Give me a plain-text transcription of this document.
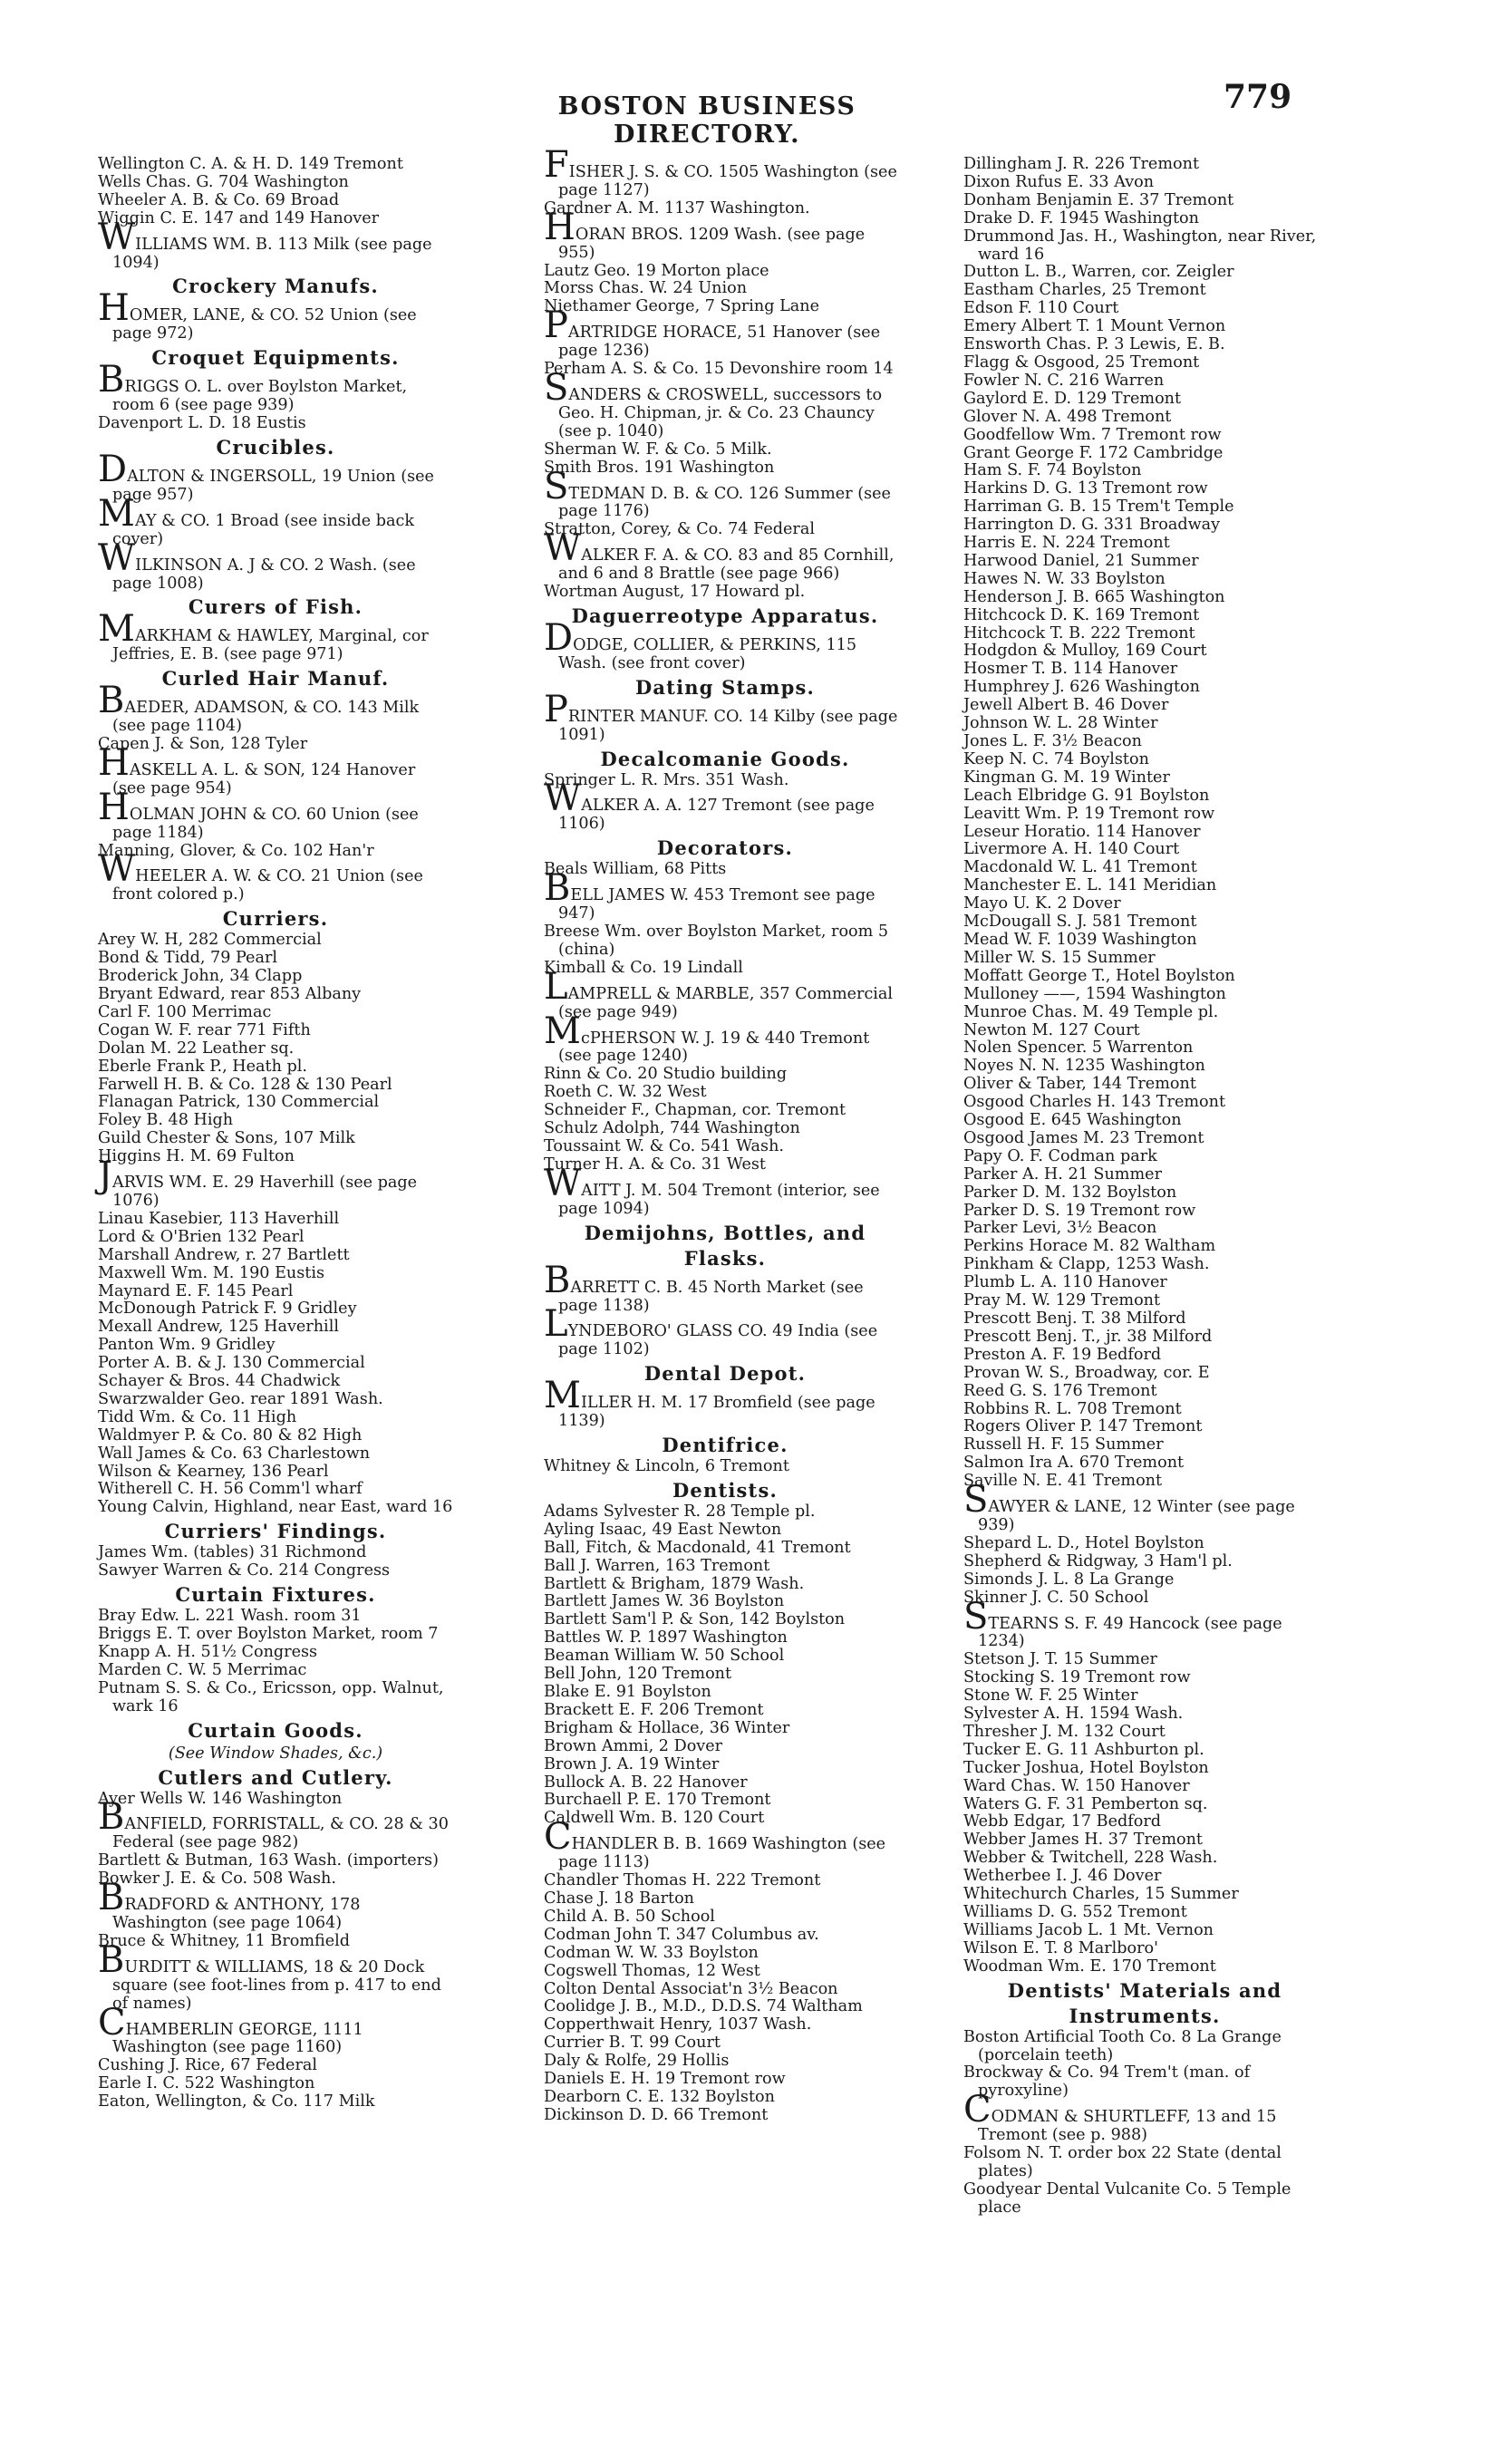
BOSTON BUSINESS DIRECTORY.
779
Wellington C. A. & H. D. 149 Tremont
Wells Chas. G. 704 Washington
Wheeler A. B. & Co. 69 Broad
Wiggin C. E. 147 and 149 Hanover
WILLIAMS WM. B. 113 Milk (see page 1094)
Crockery Manufs.
HOMER, LANE, & CO. 52 Union (see page 972)
Croquet Equipments.
BRIGGS O. L. over Boylston Market, room 6 (see page 939)
Davenport L. D. 18 Eustis
Crucibles.
DALTON & INGERSOLL, 19 Union (see page 957)
MAY & CO. 1 Broad (see inside back cover)
WILKINSON A. J & CO. 2 Wash. (see page 1008)
Curers of Fish.
MARKHAM & HAWLEY, Marginal, cor Jeffries, E. B. (see page 971)
Curled Hair Manuf.
BAEDER, ADAMSON, & CO. 143 Milk (see page 1104)
Capen J. & Son, 128 Tyler
HASKELL A. L. & SON, 124 Hanover (see page 954)
HOLMAN JOHN & CO. 60 Union (see page 1184)
Manning, Glover, & Co. 102 Han'r
WHEELER A. W. & CO. 21 Union (see front colored p.)
Curriers.
Arey W. H, 282 Commercial
Bond & Tidd, 79 Pearl
Broderick John, 34 Clapp
Bryant Edward, rear 853 Albany
Carl F. 100 Merrimac
Cogan W. F. rear 771 Fifth
Dolan M. 22 Leather sq.
Eberle Frank P., Heath pl.
Farwell H. B. & Co. 128 & 130 Pearl
Flanagan Patrick, 130 Commercial
Foley B. 48 High
Guild Chester & Sons, 107 Milk
Higgins H. M. 69 Fulton
JARVIS WM. E. 29 Haverhill (see page 1076)
Linau Kasebier, 113 Haverhill
Lord & O'Brien 132 Pearl
Marshall Andrew, r. 27 Bartlett
Maxwell Wm. M. 190 Eustis
Maynard E. F. 145 Pearl
McDonough Patrick F. 9 Gridley
Mexall Andrew, 125 Haverhill
Panton Wm. 9 Gridley
Porter A. B. & J. 130 Commercial
Schayer & Bros. 44 Chadwick
Swarzwalder Geo. rear 1891 Wash.
Tidd Wm. & Co. 11 High
Waldmyer P. & Co. 80 & 82 High
Wall James & Co. 63 Charlestown
Wilson & Kearney, 136 Pearl
Witherell C. H. 56 Comm'l wharf
Young Calvin, Highland, near East, ward 16
Curriers' Findings.
James Wm. (tables) 31 Richmond
Sawyer Warren & Co. 214 Congress
Curtain Fixtures.
Bray Edw. L. 221 Wash. room 31
Briggs E. T. over Boylston Market, room 7
Knapp A. H. 51½ Congress
Marden C. W. 5 Merrimac
Putnam S. S. & Co., Ericsson, opp. Walnut, wark 16
Curtain Goods.
(See Window Shades, &c.)
Cutlers and Cutlery.
Ayer Wells W. 146 Washington
BANFIELD, FORRISTALL, & CO. 28 & 30 Federal (see page 982)
Bartlett & Butman, 163 Wash. (importers)
Bowker J. E. & Co. 508 Wash.
BRADFORD & ANTHONY, 178 Washington (see page 1064)
Bruce & Whitney, 11 Bromfield
BURDITT & WILLIAMS, 18 & 20 Dock square (see foot-lines from p. 417 to end of names)
CHAMBERLIN GEORGE, 1111 Washington (see page 1160)
Cushing J. Rice, 67 Federal
Earle I. C. 522 Washington
Eaton, Wellington, & Co. 117 Milk
FISHER J. S. & CO. 1505 Washington (see page 1127)
Gardner A. M. 1137 Washington.
HORAN BROS. 1209 Wash. (see page 955)
Lautz Geo. 19 Morton place
Morss Chas. W. 24 Union
Niethamer George, 7 Spring Lane
PARTRIDGE HORACE, 51 Hanover (see page 1236)
Perham A. S. & Co. 15 Devonshire room 14
SANDERS & CROSWELL, successors to Geo. H. Chipman, jr. & Co. 23 Chauncy (see p. 1040)
Sherman W. F. & Co. 5 Milk.
Smith Bros. 191 Washington
STEDMAN D. B. & CO. 126 Summer (see page 1176)
Stratton, Corey, & Co. 74 Federal
WALKER F. A. & CO. 83 and 85 Cornhill, and 6 and 8 Brattle (see page 966)
Wortman August, 17 Howard pl.
Daguerreotype Apparatus.
DODGE, COLLIER, & PERKINS, 115 Wash. (see front cover)
Dating Stamps.
PRINTER MANUF. CO. 14 Kilby (see page 1091)
Decalcomanie Goods.
Springer L. R. Mrs. 351 Wash.
WALKER A. A. 127 Tremont (see page 1106)
Decorators.
Beals William, 68 Pitts
BELL JAMES W. 453 Tremont see page 947)
Breese Wm. over Boylston Market, room 5 (china)
Kimball & Co. 19 Lindall
LAMPRELL & MARBLE, 357 Commercial (see page 949)
McPHERSON W. J. 19 & 440 Tremont (see page 1240)
Rinn & Co. 20 Studio building
Roeth C. W. 32 West
Schneider F., Chapman, cor. Tremont
Schulz Adolph, 744 Washington
Toussaint W. & Co. 541 Wash.
Turner H. A. & Co. 31 West
WAITT J. M. 504 Tremont (interior, see page 1094)
Demijohns, Bottles, and Flasks.
BARRETT C. B. 45 North Market (see page 1138)
LYNDEBORO' GLASS CO. 49 India (see page 1102)
Dental Depot.
MILLER H. M. 17 Bromfield (see page 1139)
Dentifrice.
Whitney & Lincoln, 6 Tremont
Dentists.
Adams Sylvester R. 28 Temple pl.
Ayling Isaac, 49 East Newton
Ball, Fitch, & Macdonald, 41 Tremont
Ball J. Warren, 163 Tremont
Bartlett & Brigham, 1879 Wash.
Bartlett James W. 36 Boylston
Bartlett Sam'l P. & Son, 142 Boylston
Battles W. P. 1897 Washington
Beaman William W. 50 School
Bell John, 120 Tremont
Blake E. 91 Boylston
Brackett E. F. 206 Tremont
Brigham & Hollace, 36 Winter
Brown Ammi, 2 Dover
Brown J. A. 19 Winter
Bullock A. B. 22 Hanover
Burchaell P. E. 170 Tremont
Caldwell Wm. B. 120 Court
CHANDLER B. B. 1669 Washington (see page 1113)
Chandler Thomas H. 222 Tremont
Chase J. 18 Barton
Child A. B. 50 School
Codman John T. 347 Columbus av.
Codman W. W. 33 Boylston
Cogswell Thomas, 12 West
Colton Dental Associat'n 3½ Beacon
Coolidge J. B., M.D., D.D.S. 74 Waltham
Copperthwait Henry, 1037 Wash.
Currier B. T. 99 Court
Daly & Rolfe, 29 Hollis
Daniels E. H. 19 Tremont row
Dearborn C. E. 132 Boylston
Dickinson D. D. 66 Tremont
Dillingham J. R. 226 Tremont
Dixon Rufus E. 33 Avon
Donham Benjamin E. 37 Tremont
Drake D. F. 1945 Washington
Drummond Jas. H., Washington, near River, ward 16
Dutton L. B., Warren, cor. Zeigler
Eastham Charles, 25 Tremont
Edson F. 110 Court
Emery Albert T. 1 Mount Vernon
Ensworth Chas. P. 3 Lewis, E. B.
Flagg & Osgood, 25 Tremont
Fowler N. C. 216 Warren
Gaylord E. D. 129 Tremont
Glover N. A. 498 Tremont
Goodfellow Wm. 7 Tremont row
Grant George F. 172 Cambridge
Ham S. F. 74 Boylston
Harkins D. G. 13 Tremont row
Harriman G. B. 15 Trem't Temple
Harrington D. G. 331 Broadway
Harris E. N. 224 Tremont
Harwood Daniel, 21 Summer
Hawes N. W. 33 Boylston
Henderson J. B. 665 Washington
Hitchcock D. K. 169 Tremont
Hitchcock T. B. 222 Tremont
Hodgdon & Mulloy, 169 Court
Hosmer T. B. 114 Hanover
Humphrey J. 626 Washington
Jewell Albert B. 46 Dover
Johnson W. L. 28 Winter
Jones L. F. 3½ Beacon
Keep N. C. 74 Boylston
Kingman G. M. 19 Winter
Leach Elbridge G. 91 Boylston
Leavitt Wm. P. 19 Tremont row
Leseur Horatio. 114 Hanover
Livermore A. H. 140 Court
Macdonald W. L. 41 Tremont
Manchester E. L. 141 Meridian
Mayo U. K. 2 Dover
McDougall S. J. 581 Tremont
Mead W. F. 1039 Washington
Miller W. S. 15 Summer
Moffatt George T., Hotel Boylston
Mulloney ——, 1594 Washington
Munroe Chas. M. 49 Temple pl.
Newton M. 127 Court
Nolen Spencer. 5 Warrenton
Noyes N. N. 1235 Washington
Oliver & Taber, 144 Tremont
Osgood Charles H. 143 Tremont
Osgood E. 645 Washington
Osgood James M. 23 Tremont
Papy O. F. Codman park
Parker A. H. 21 Summer
Parker D. M. 132 Boylston
Parker D. S. 19 Tremont row
Parker Levi, 3½ Beacon
Perkins Horace M. 82 Waltham
Pinkham & Clapp, 1253 Wash.
Plumb L. A. 110 Hanover
Pray M. W. 129 Tremont
Prescott Benj. T. 38 Milford
Prescott Benj. T., jr. 38 Milford
Preston A. F. 19 Bedford
Provan W. S., Broadway, cor. E
Reed G. S. 176 Tremont
Robbins R. L. 708 Tremont
Rogers Oliver P. 147 Tremont
Russell H. F. 15 Summer
Salmon Ira A. 670 Tremont
Saville N. E. 41 Tremont
SAWYER & LANE, 12 Winter (see page 939)
Shepard L. D., Hotel Boylston
Shepherd & Ridgway, 3 Ham'l pl.
Simonds J. L. 8 La Grange
Skinner J. C. 50 School
STEARNS S. F. 49 Hancock (see page 1234)
Stetson J. T. 15 Summer
Stocking S. 19 Tremont row
Stone W. F. 25 Winter
Sylvester A. H. 1594 Wash.
Thresher J. M. 132 Court
Tucker E. G. 11 Ashburton pl.
Tucker Joshua, Hotel Boylston
Ward Chas. W. 150 Hanover
Waters G. F. 31 Pemberton sq.
Webb Edgar, 17 Bedford
Webber James H. 37 Tremont
Webber & Twitchell, 228 Wash.
Wetherbee I. J. 46 Dover
Whitechurch Charles, 15 Summer
Williams D. G. 552 Tremont
Williams Jacob L. 1 Mt. Vernon
Wilson E. T. 8 Marlboro'
Woodman Wm. E. 170 Tremont
Dentists' Materials and Instruments.
Boston Artificial Tooth Co. 8 La Grange (porcelain teeth)
Brockway & Co. 94 Trem't (man. of pyroxyline)
CODMAN & SHURTLEFF, 13 and 15 Tremont (see p. 988)
Folsom N. T. order box 22 State (dental plates)
Goodyear Dental Vulcanite Co. 5 Temple place
